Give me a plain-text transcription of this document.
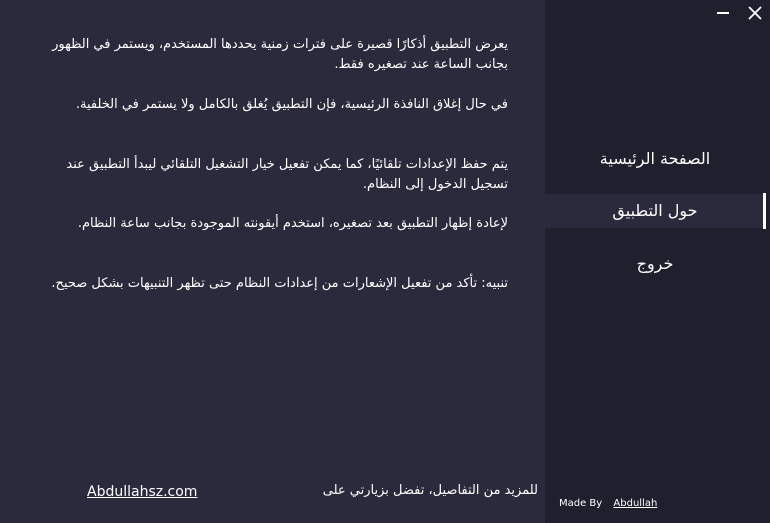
يعرض التطبيق أذكارًا قصيرة على فترات زمنية يحددها المستخدم، ويستمر في الظهور بجانب الساعة عند تصغيره فقط.
في حال إغلاق النافذة الرئيسية، فإن التطبيق يُغلق بالكامل ولا يستمر في الخلفية.
يتم حفظ الإعدادات تلقائيًا، كما يمكن تفعيل خيار التشغيل التلقائي ليبدأ التطبيق عند تسجيل الدخول إلى النظام.
لإعادة إظهار التطبيق بعد تصغيره، استخدم أيقونته الموجودة بجانب ساعة النظام.
تنبيه: تأكد من تفعيل الإشعارات من إعدادات النظام حتى تظهر التنبيهات بشكل صحيح.
للمزيد من التفاصيل، تفضل بزيارتي على
Abdullahsz.com
الصفحة الرئيسية
حول التطبيق
خروج
Made By Abdullah
